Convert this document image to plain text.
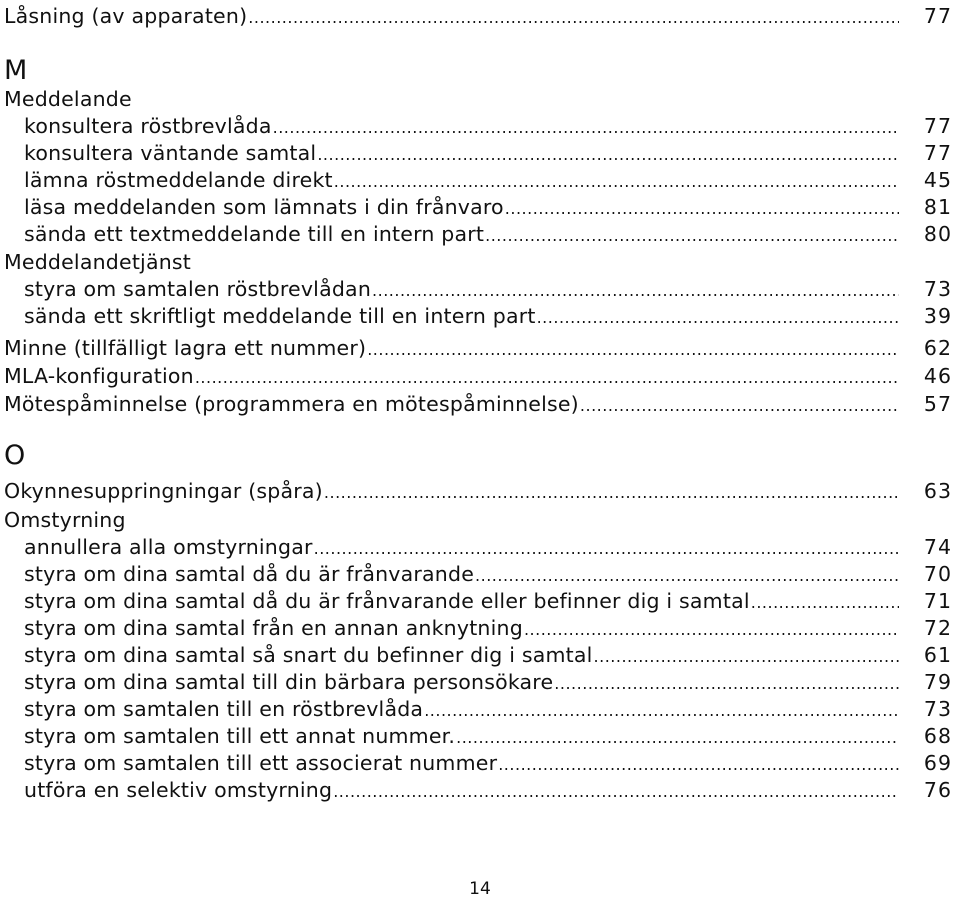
Låsning (av apparaten) .....	77
M
Meddelande
konsultera röstbrevlåda .....	77
konsultera väntande samtal .....	77
lämna röstmeddelande direkt .....	45
läsa meddelanden som lämnats i din frånvaro .....	81
sända ett textmeddelande till en intern part .....	80
Meddelandetjänst
styra om samtalen röstbrevlådan .....	73
sända ett skriftligt meddelande till en intern part .....	39
Minne (tillfälligt lagra ett nummer) .....	62
MLA-konfiguration .....	46
Mötespåminnelse (programmera en mötespåminnelse) .....	57
O
Okynnesuppringningar (spåra) .....	63
Omstyrning
annullera alla omstyrningar .....	74
styra om dina samtal då du är frånvarande .....	70
styra om dina samtal då du är frånvarande eller befinner dig i samtal .....	71
styra om dina samtal från en annan anknytning .....	72
styra om dina samtal så snart du befinner dig i samtal .....	61
styra om dina samtal till din bärbara personsökare .....	79
styra om samtalen till en röstbrevlåda .....	73
styra om samtalen till ett annat nummer. .....	68
styra om samtalen till ett associerat nummer .....	69
utföra en selektiv omstyrning .....	76
14
